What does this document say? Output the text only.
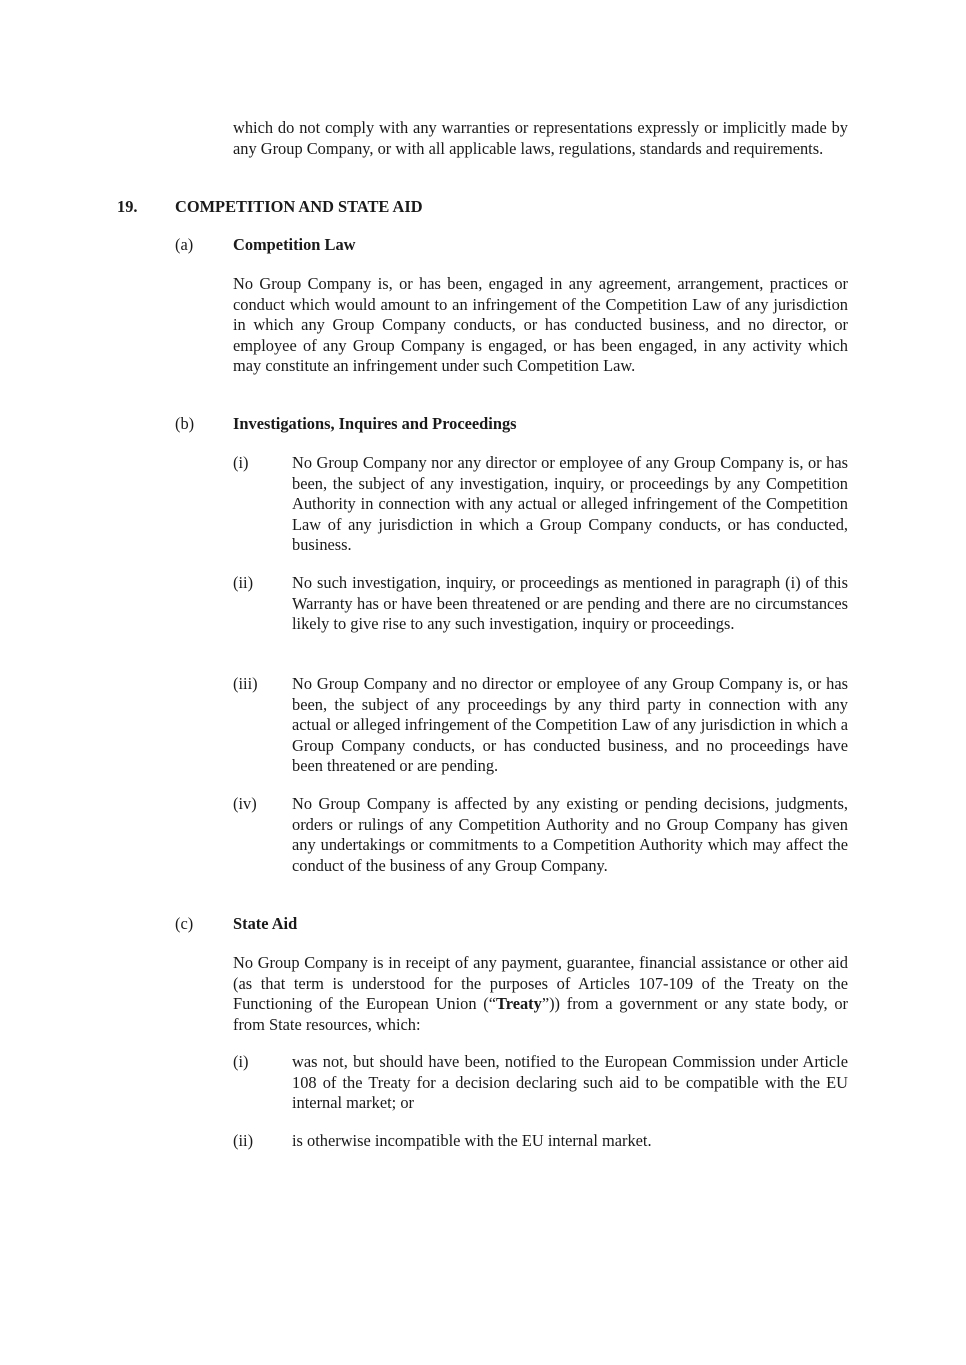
which do not comply with any warranties or representations expressly or implicitly made by any Group Company, or with all applicable laws, regulations, standards and requirements.
19. COMPETITION AND STATE AID
(a) Competition Law
No Group Company is, or has been, engaged in any agreement, arrangement, practices or conduct which would amount to an infringement of the Competition Law of any jurisdiction in which any Group Company conducts, or has conducted business, and no director, or employee of any Group Company is engaged, or has been engaged, in any activity which may constitute an infringement under such Competition Law.
(b) Investigations, Inquires and Proceedings
(i)	No Group Company nor any director or employee of any Group Company is, or has been, the subject of any investigation, inquiry, or proceedings by any Competition Authority in connection with any actual or alleged infringement of the Competition Law of any jurisdiction in which a Group Company conducts, or has conducted, business.
(ii) No such investigation, inquiry, or proceedings as mentioned in paragraph (i) of this Warranty has or have been threatened or are pending and there are no circumstances likely to give rise to any such investigation, inquiry or proceedings.
(iii) No Group Company and no director or employee of any Group Company is, or has been, the subject of any proceedings by any third party in connection with any actual or alleged infringement of the Competition Law of any jurisdiction in which a Group Company conducts, or has conducted business, and no proceedings have been threatened or are pending.
(iv) No Group Company is affected by any existing or pending decisions, judgments, orders or rulings of any Competition Authority and no Group Company has given any undertakings or commitments to a Competition Authority which may affect the conduct of the business of any Group Company.
(c) State Aid
No Group Company is in receipt of any payment, guarantee, financial assistance or other aid (as that term is understood for the purposes of Articles 107-109 of the Treaty on the Functioning of the European Union (“Treaty”)) from a government or any state body, or from State resources, which:
(i)	was not, but should have been, notified to the European Commission under Article 108 of the Treaty for a decision declaring such aid to be compatible with the EU internal market; or
(ii) is otherwise incompatible with the EU internal market.
